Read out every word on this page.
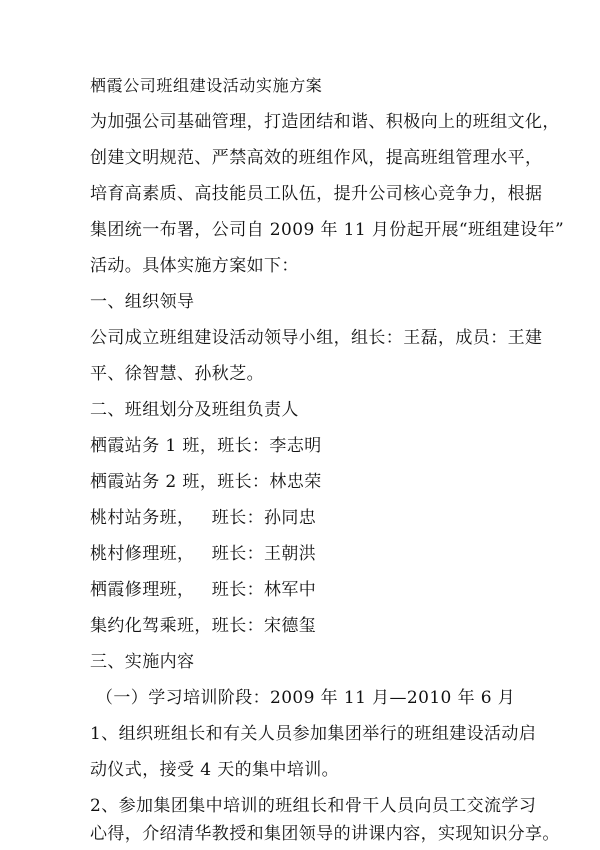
栖霞公司班组建设活动实施方案
为加强公司基础管理，打造团结和谐、积极向上的班组文化，
创建文明规范、严禁高效的班组作风，提高班组管理水平，
培育高素质、高技能员工队伍，提升公司核心竞争力，根据
集团统一布署，公司自 2009 年 11 月份起开展“班组建设年”
活动。具体实施方案如下：
一、组织领导
公司成立班组建设活动领导小组，组长：王磊，成员：王建
平、徐智慧、孙秋芝。
二、班组划分及班组负责人
栖霞站务 1 班，班长：李志明
栖霞站务 2 班，班长：林忠荣
桃村站务班，   班长：孙同忠
桃村修理班，   班长：王朝洪
栖霞修理班，   班长：林军中
集约化驾乘班，班长：宋德玺
三、实施内容
（一）学习培训阶段：2009 年 11 月—2010 年 6 月
1、组织班组长和有关人员参加集团举行的班组建设活动启
动仪式，接受 4 天的集中培训。
2、参加集团集中培训的班组长和骨干人员向员工交流学习
心得，介绍清华教授和集团领导的讲课内容，实现知识分享。
